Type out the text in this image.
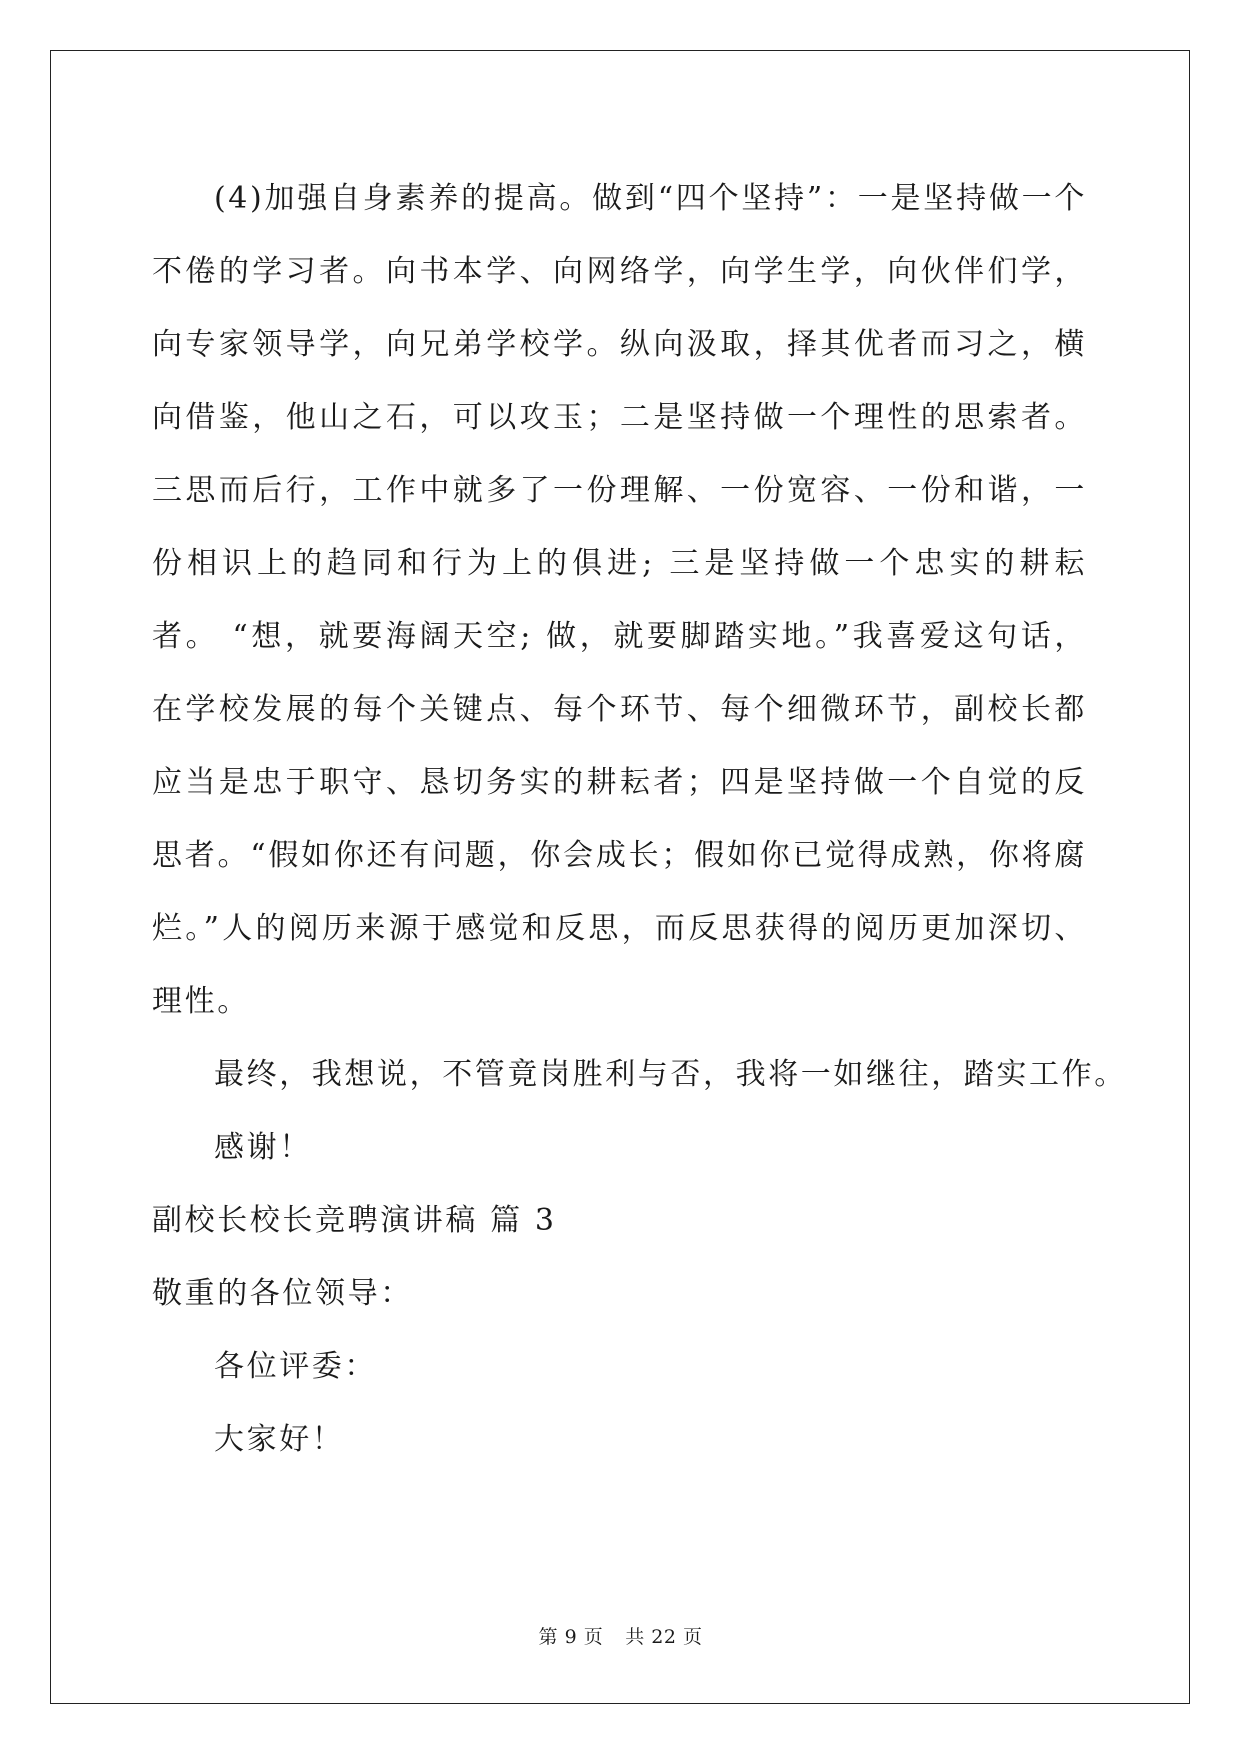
(4)加强自身素养的提高。做到“四个坚持”：一是坚持做一个不倦的学习者。向书本学、向网络学，向学生学，向伙伴们学，向专家领导学，向兄弟学校学。纵向汲取，择其优者而习之，横向借鉴，他山之石，可以攻玉；二是坚持做一个理性的思索者。三思而后行，工作中就多了一份理解、一份宽容、一份和谐，一份相识上的趋同和行为上的俱进; 三是坚持做一个忠实的耕耘者。 “想，就要海阔天空; 做，就要脚踏实地。”我喜爱这句话，在学校发展的每个关键点、每个环节、每个细微环节，副校长都应当是忠于职守、恳切务实的耕耘者；四是坚持做一个自觉的反思者。“假如你还有问题，你会成长；假如你已觉得成熟，你将腐烂。”人的阅历来源于感觉和反思，而反思获得的阅历更加深切、理性。

最终，我想说，不管竟岗胜利与否，我将一如继往，踏实工作。

感谢！

副校长校长竞聘演讲稿 篇 3

敬重的各位领导：

各位评委：

大家好！

第 9 页 共 22 页
